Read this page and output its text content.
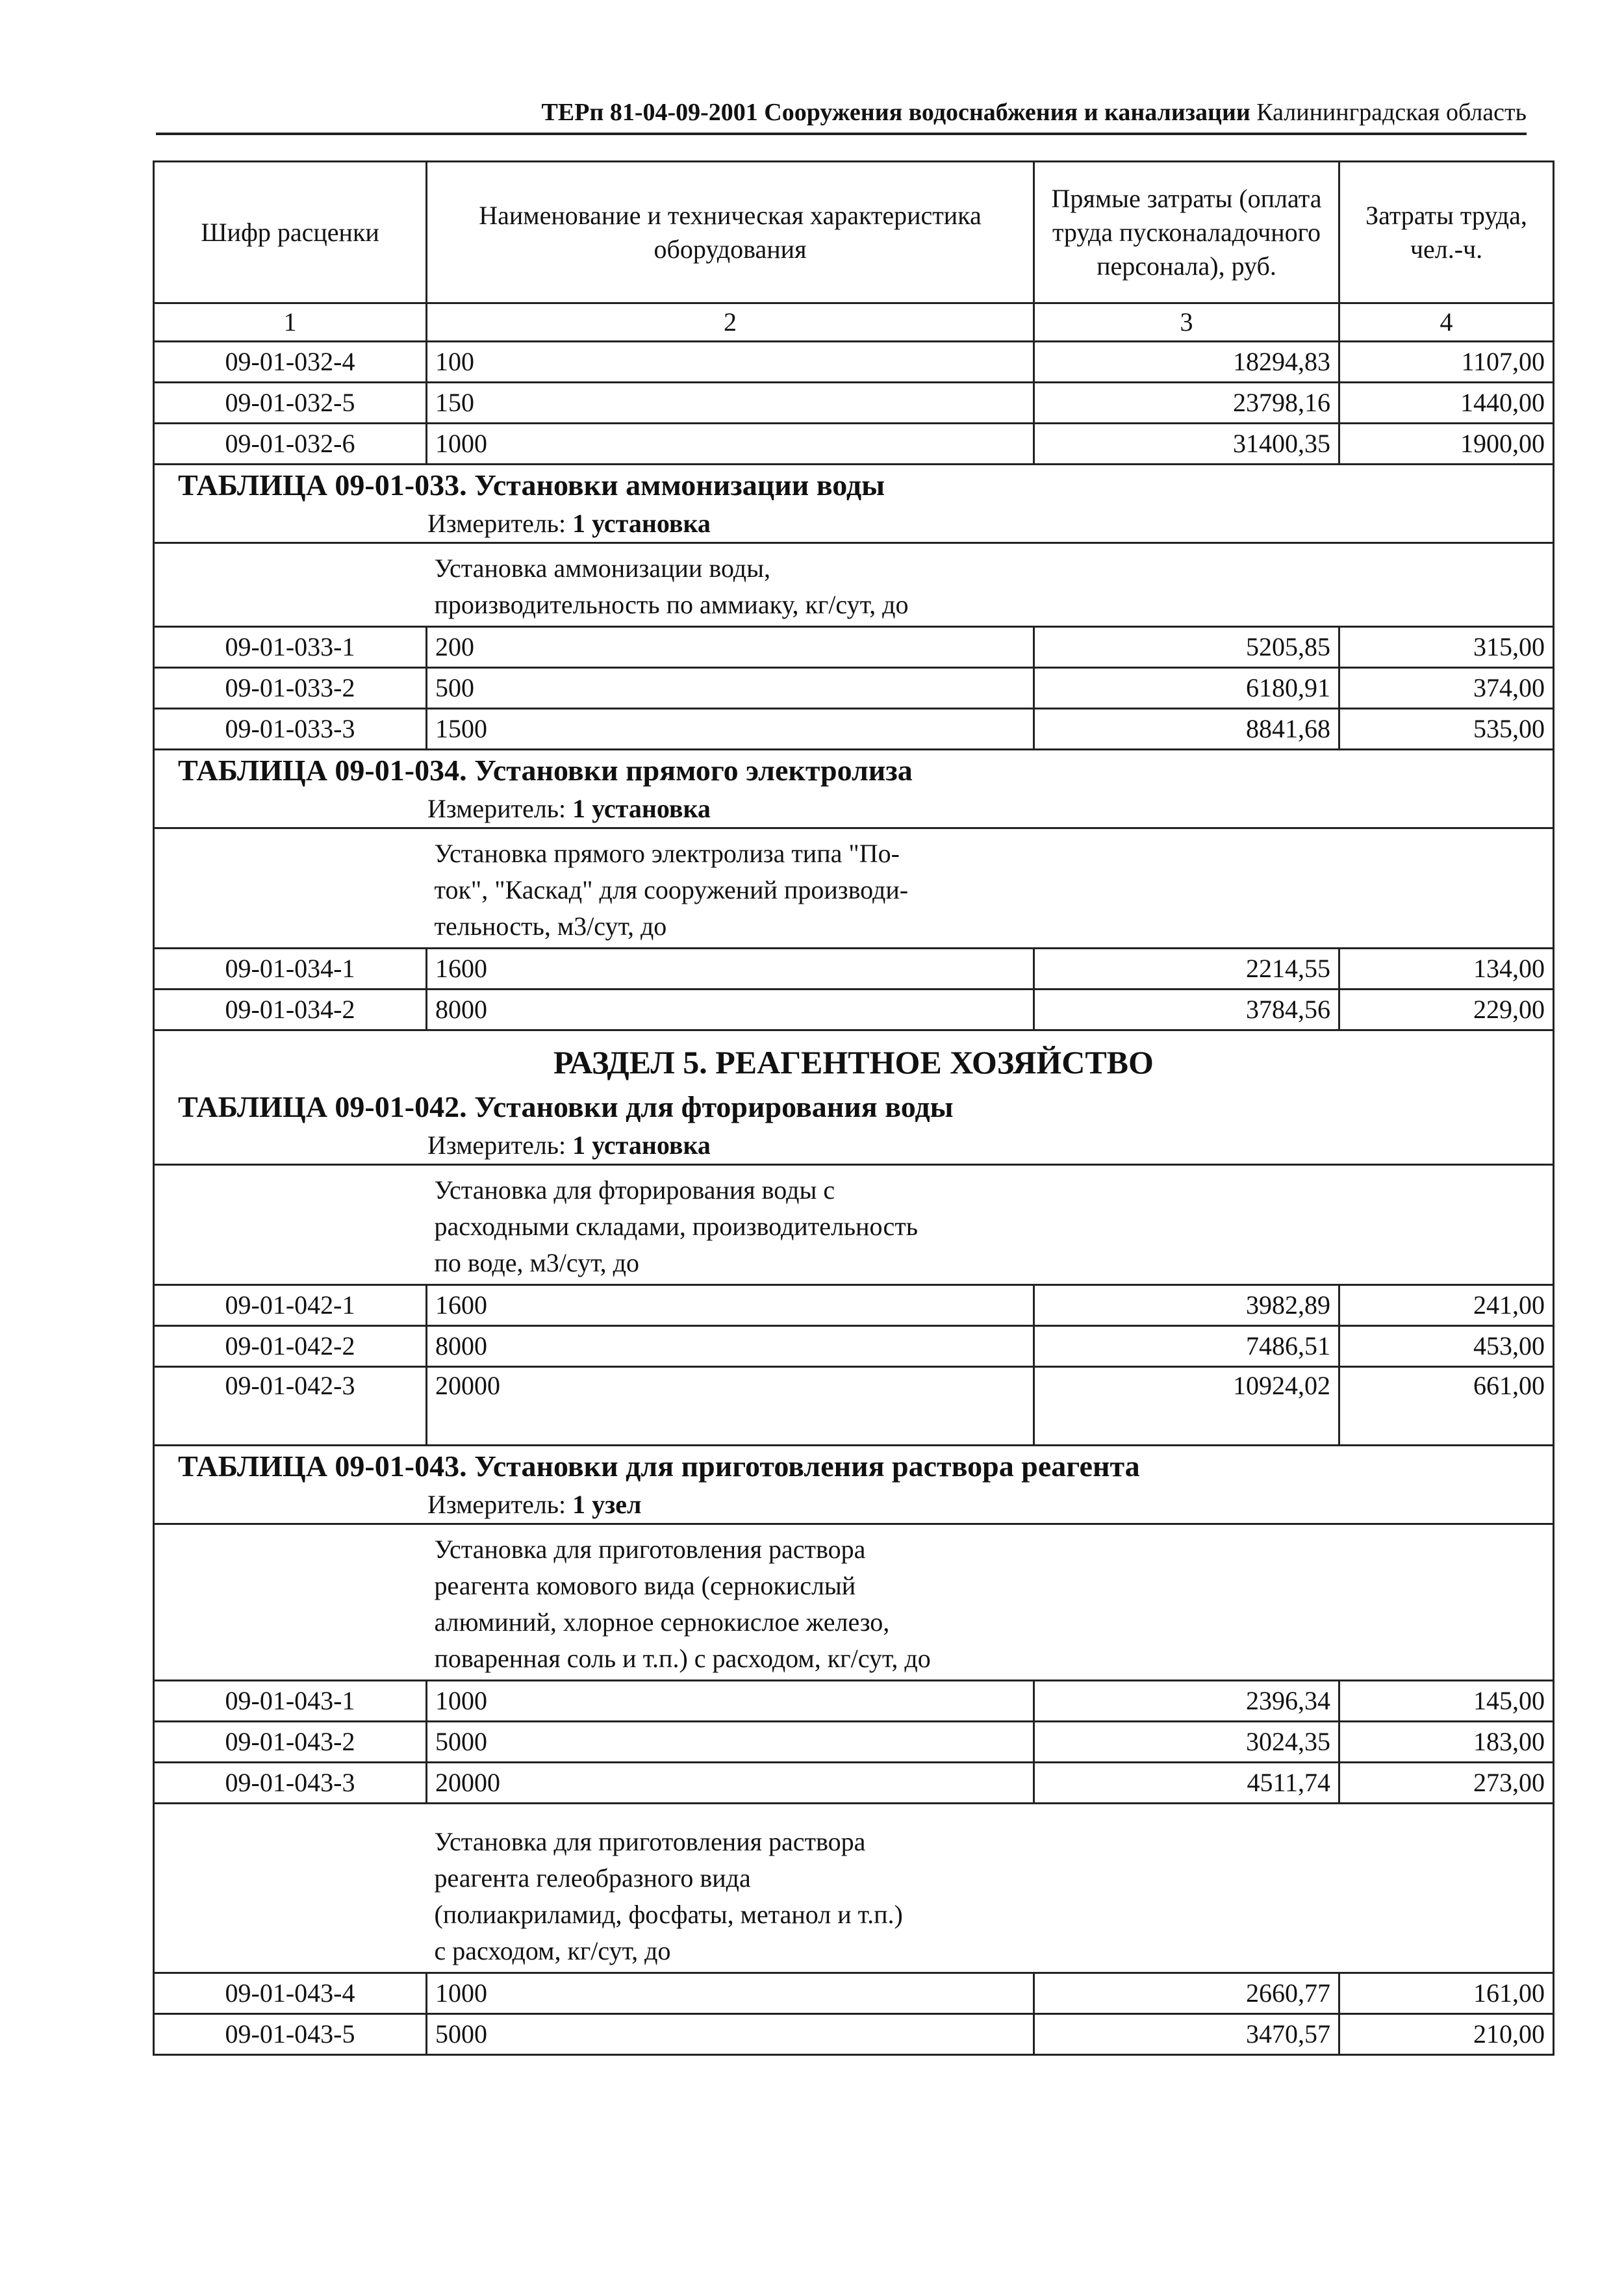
ТЕРп 81-04-09-2001 Сооружения водоснабжения и канализации Калининградская область
Шифр расценки	Наименование и техническая характеристика оборудования	Прямые затраты (оплата труда пусконаладочного персонала), руб.	Затраты труда, чел.-ч.
1	2	3	4
09-01-032-4	100	18294,83	1107,00
09-01-032-5	150	23798,16	1440,00
09-01-032-6	1000	31400,35	1900,00

ТАБЛИЦА 09-01-033. Установки аммонизации воды
Измеритель: 1 установка			

	Установка аммонизации воды,
производительность по аммиаку, кг/сут, до		

09-01-033-1	200	5205,85	315,00
09-01-033-2	500	6180,91	374,00
09-01-033-3	1500	8841,68	535,00

ТАБЛИЦА 09-01-034. Установки прямого электролиза
Измеритель: 1 установка			

	Установка прямого электролиза типа "По-
ток", "Каскад" для сооружений производи-
тельность, м3/сут, до		

09-01-034-1	1600	2214,55	134,00
09-01-034-2	8000	3784,56	229,00

РАЗДЕЛ 5. РЕАГЕНТНОЕ ХОЗЯЙСТВО
ТАБЛИЦА 09-01-042. Установки для фторирования воды
Измеритель: 1 установка			

	Установка для фторирования воды с
расходными складами, производительность
по воде, м3/сут, до		

09-01-042-1	1600	3982,89	241,00
09-01-042-2	8000	7486,51	453,00
09-01-042-3	20000	10924,02	661,00

ТАБЛИЦА 09-01-043. Установки для приготовления раствора реагента
Измеритель: 1 узел			

	Установка для приготовления раствора
реагента комового вида (сернокислый
алюминий, хлорное сернокислое железо,
поваренная соль и т.п.) с расходом, кг/сут, до		

09-01-043-1	1000	2396,34	145,00
09-01-043-2	5000	3024,35	183,00
09-01-043-3	20000	4511,74	273,00

	Установка для приготовления раствора
реагента гелеобразного вида
(полиакриламид, фосфаты, метанол и т.п.)
с расходом, кг/сут, до		

09-01-043-4	1000	2660,77	161,00
09-01-043-5	5000	3470,57	210,00
